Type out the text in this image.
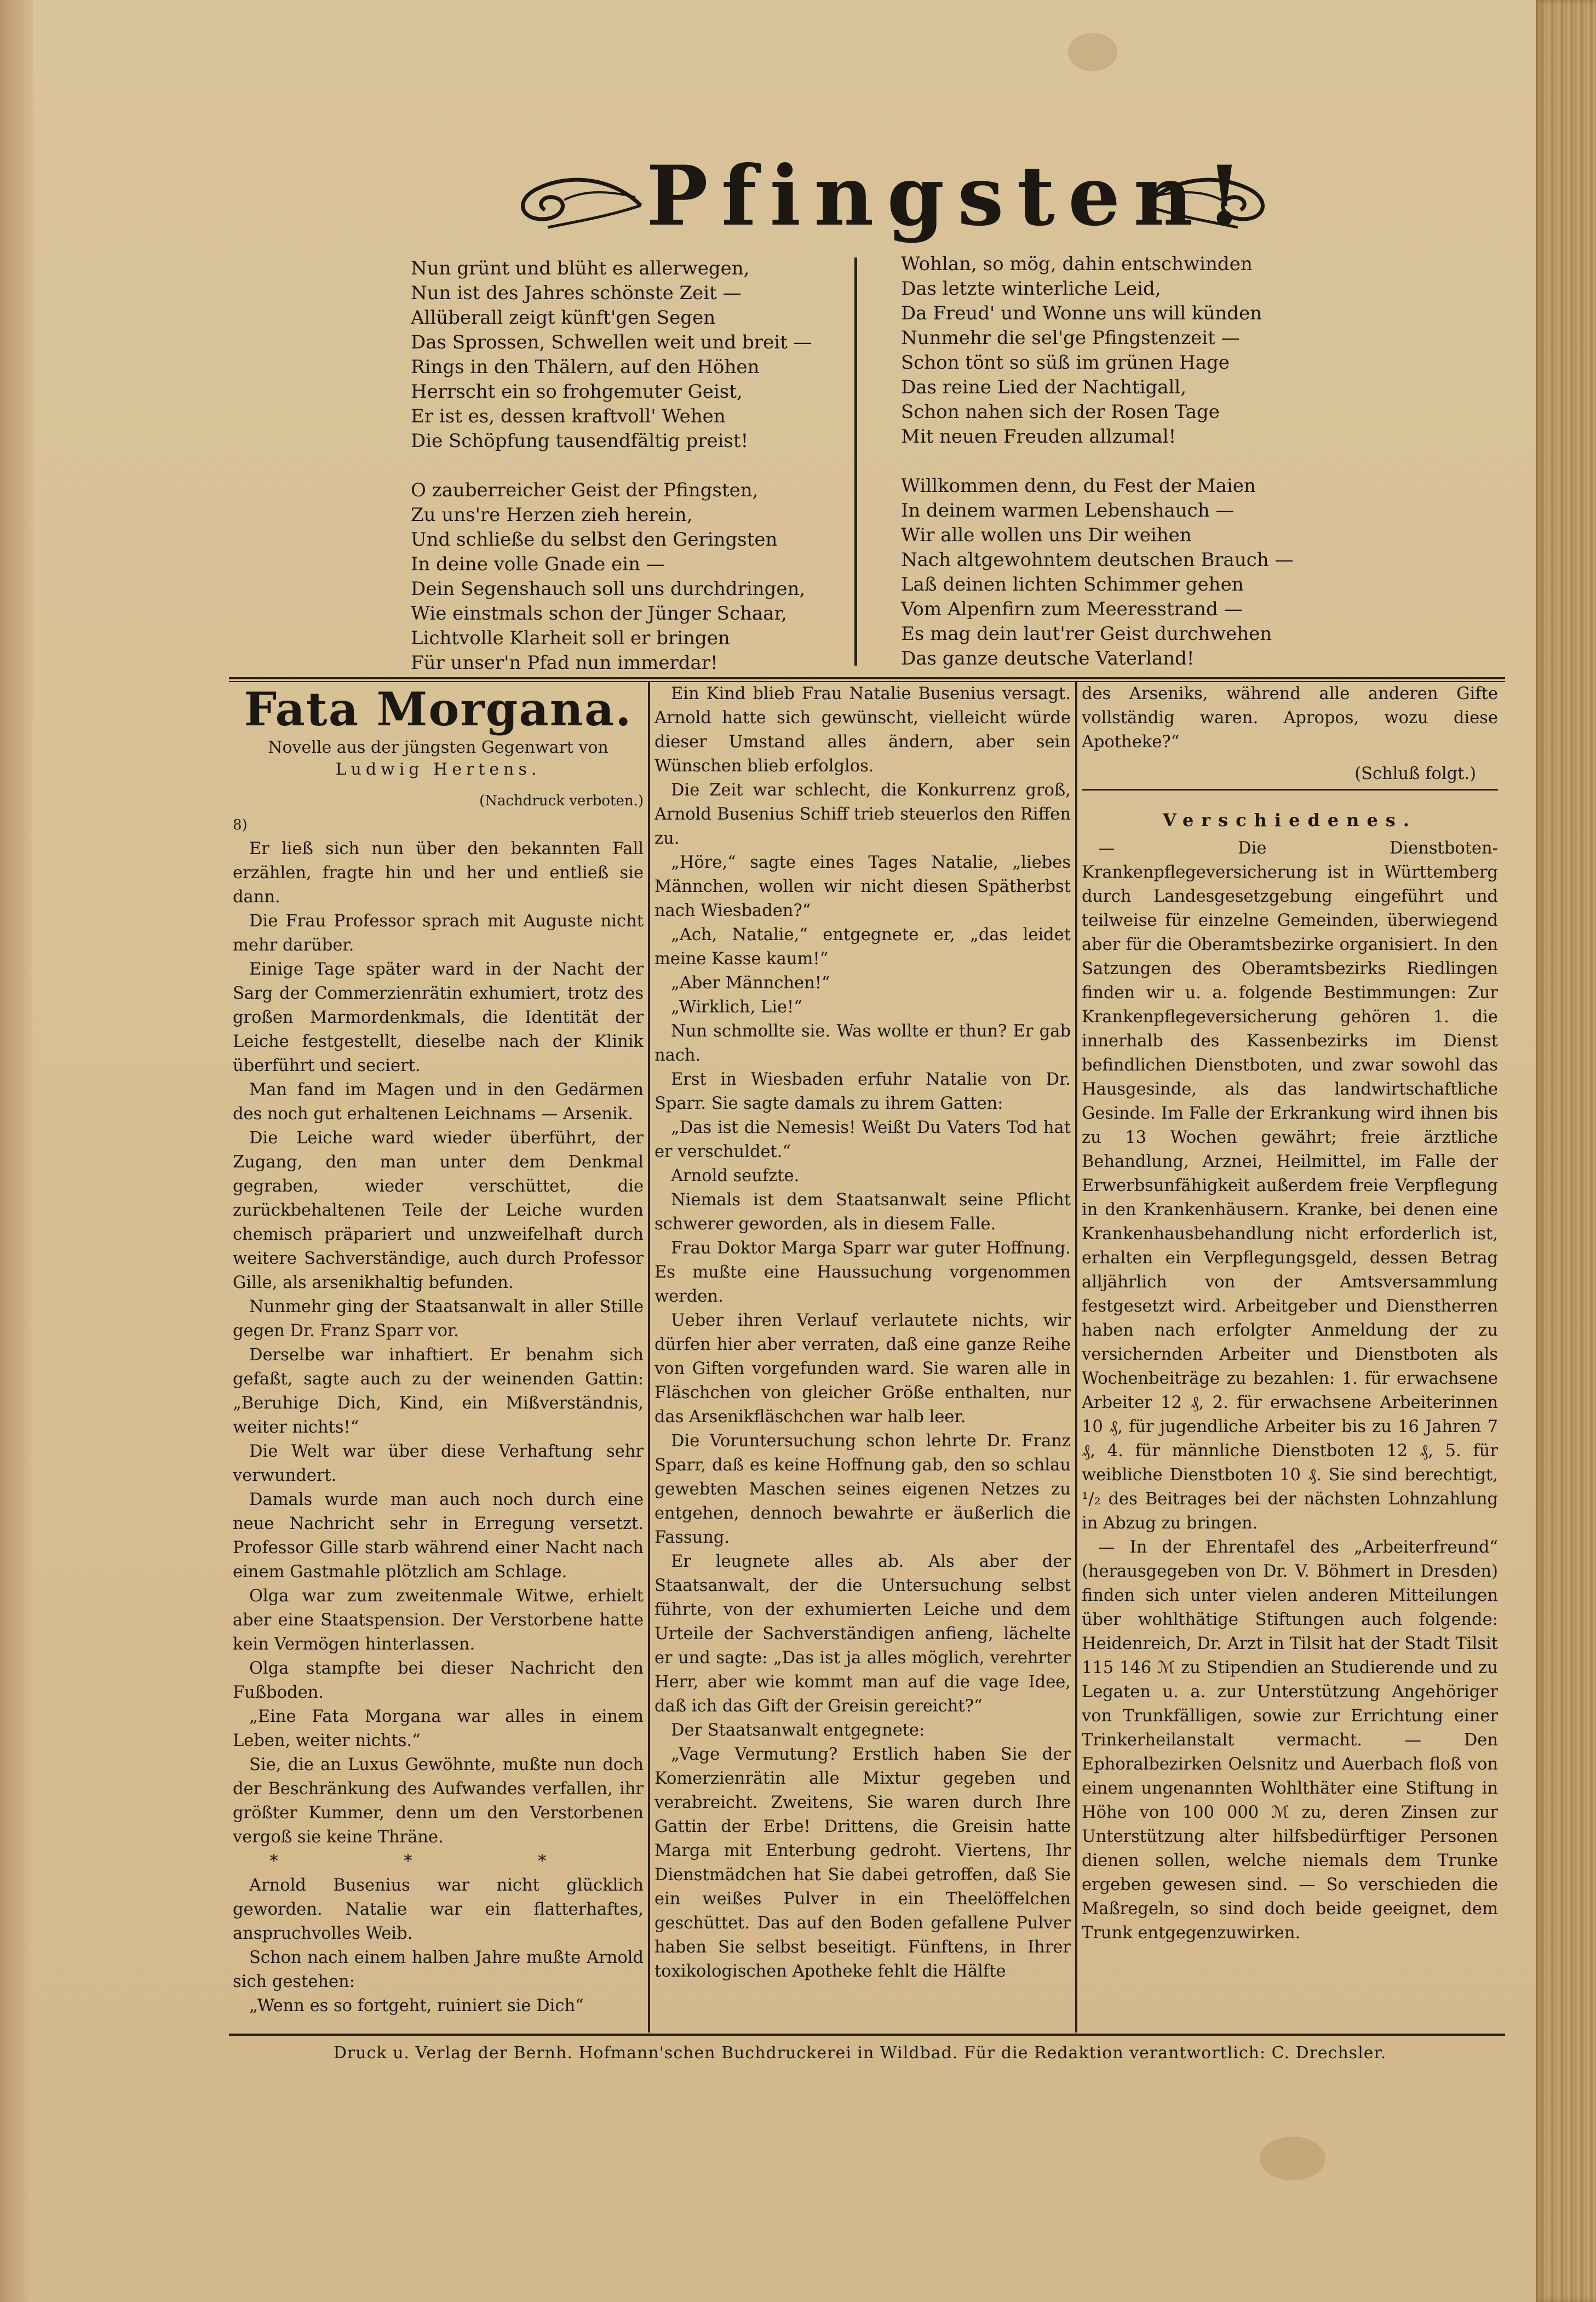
Pfingsten!
Nun grünt und blüht es allerwegen,
Nun ist des Jahres schönste Zeit —
Allüberall zeigt künft'gen Segen
Das Sprossen, Schwellen weit und breit —
Rings in den Thälern, auf den Höhen
Herrscht ein so frohgemuter Geist,
Er ist es, dessen kraftvoll' Wehen
Die Schöpfung tausendfältig preist!
O zauberreicher Geist der Pfingsten,
Zu uns're Herzen zieh herein,
Und schließe du selbst den Geringsten
In deine volle Gnade ein —
Dein Segenshauch soll uns durchdringen,
Wie einstmals schon der Jünger Schaar,
Lichtvolle Klarheit soll er bringen
Für unser'n Pfad nun immerdar!
Wohlan, so mög, dahin entschwinden
Das letzte winterliche Leid,
Da Freud' und Wonne uns will künden
Nunmehr die sel'ge Pfingstenzeit —
Schon tönt so süß im grünen Hage
Das reine Lied der Nachtigall,
Schon nahen sich der Rosen Tage
Mit neuen Freuden allzumal!
Willkommen denn, du Fest der Maien
In deinem warmen Lebenshauch —
Wir alle wollen uns Dir weihen
Nach altgewohntem deutschen Brauch —
Laß deinen lichten Schimmer gehen
Vom Alpenfirn zum Meeresstrand —
Es mag dein laut'rer Geist durchwehen
Das ganze deutsche Vaterland!
Fata Morgana.
Novelle aus der jüngsten Gegenwart von
Ludwig Hertens.

(Nachdruck verboten.)

8)

Er ließ sich nun über den bekannten Fall erzählen, fragte hin und her und entließ sie dann.

Die Frau Professor sprach mit Auguste nicht mehr darüber.

Einige Tage später ward in der Nacht der Sarg der Commerzienrätin exhumiert, trotz des großen Marmordenkmals, die Identität der Leiche festgestellt, dieselbe nach der Klinik überführt und seciert.

Man fand im Magen und in den Gedärmen des noch gut erhaltenen Leichnams — Arsenik.

Die Leiche ward wieder überführt, der Zugang, den man unter dem Denkmal gegraben, wieder verschüttet, die zurückbehaltenen Teile der Leiche wurden chemisch präpariert und unzweifelhaft durch weitere Sachverständige, auch durch Professor Gille, als arsenikhaltig befunden.

Nunmehr ging der Staatsanwalt in aller Stille gegen Dr. Franz Sparr vor.

Derselbe war inhaftiert. Er benahm sich gefaßt, sagte auch zu der weinenden Gattin: „Beruhige Dich, Kind, ein Mißverständnis, weiter nichts!“

Die Welt war über diese Verhaftung sehr verwundert.

Damals wurde man auch noch durch eine neue Nachricht sehr in Erregung versetzt. Professor Gille starb während einer Nacht nach einem Gastmahle plötzlich am Schlage.

Olga war zum zweitenmale Witwe, erhielt aber eine Staatspension. Der Verstorbene hatte kein Vermögen hinterlassen.

Olga stampfte bei dieser Nachricht den Fußboden.

„Eine Fata Morgana war alles in einem Leben, weiter nichts.“

Sie, die an Luxus Gewöhnte, mußte nun doch der Beschränkung des Aufwandes verfallen, ihr größter Kummer, denn um den Verstorbenen vergoß sie keine Thräne.

* * *

Arnold Busenius war nicht glücklich geworden. Natalie war ein flatterhaftes, anspruchvolles Weib.

Schon nach einem halben Jahre mußte Arnold sich gestehen:

„Wenn es so fortgeht, ruiniert sie Dich“

Ein Kind blieb Frau Natalie Busenius versagt. Arnold hatte sich gewünscht, vielleicht würde dieser Umstand alles ändern, aber sein Wünschen blieb erfolglos.

Die Zeit war schlecht, die Konkurrenz groß, Arnold Busenius Schiff trieb steuerlos den Riffen zu.

„Höre,“ sagte eines Tages Natalie, „liebes Männchen, wollen wir nicht diesen Spätherbst nach Wiesbaden?“

„Ach, Natalie,“ entgegnete er, „das leidet meine Kasse kaum!“

„Aber Männchen!“

„Wirklich, Lie!“

Nun schmollte sie. Was wollte er thun? Er gab nach.

Erst in Wiesbaden erfuhr Natalie von Dr. Sparr. Sie sagte damals zu ihrem Gatten:

„Das ist die Nemesis! Weißt Du Vaters Tod hat er verschuldet.“

Arnold seufzte.

Niemals ist dem Staatsanwalt seine Pflicht schwerer geworden, als in diesem Falle.

Frau Doktor Marga Sparr war guter Hoffnung. Es mußte eine Haussuchung vorgenommen werden.

Ueber ihren Verlauf verlautete nichts, wir dürfen hier aber verraten, daß eine ganze Reihe von Giften vorgefunden ward. Sie waren alle in Fläschchen von gleicher Größe enthalten, nur das Arsenikfläschchen war halb leer.

Die Voruntersuchung schon lehrte Dr. Franz Sparr, daß es keine Hoffnung gab, den so schlau gewebten Maschen seines eigenen Netzes zu entgehen, dennoch bewahrte er äußerlich die Fassung.

Er leugnete alles ab. Als aber der Staatsanwalt, der die Untersuchung selbst führte, von der exhumierten Leiche und dem Urteile der Sachverständigen anfieng, lächelte er und sagte: „Das ist ja alles möglich, verehrter Herr, aber wie kommt man auf die vage Idee, daß ich das Gift der Greisin gereicht?“

Der Staatsanwalt entgegnete:

„Vage Vermutung? Erstlich haben Sie der Komerzienrätin alle Mixtur gegeben und verabreicht. Zweitens, Sie waren durch Ihre Gattin der Erbe! Drittens, die Greisin hatte Marga mit Enterbung gedroht. Viertens, Ihr Dienstmädchen hat Sie dabei getroffen, daß Sie ein weißes Pulver in ein Theelöffelchen geschüttet. Das auf den Boden gefallene Pulver haben Sie selbst beseitigt. Fünftens, in Ihrer toxikologischen Apotheke fehlt die Hälfte

des Arseniks, während alle anderen Gifte vollständig waren. Apropos, wozu diese Apotheke?“

(Schluß folgt.)

Verschiedenes.

— Die Dienstboten-Krankenpflegeversicherung ist in Württemberg durch Landesgesetzgebung eingeführt und teilweise für einzelne Gemeinden, überwiegend aber für die Oberamtsbezirke organisiert. In den Satzungen des Oberamtsbezirks Riedlingen finden wir u. a. folgende Bestimmungen: Zur Krankenpflegeversicherung gehören 1. die innerhalb des Kassenbezirks im Dienst befindlichen Dienstboten, und zwar sowohl das Hausgesinde, als das landwirtschaftliche Gesinde. Im Falle der Erkrankung wird ihnen bis zu 13 Wochen gewährt; freie ärztliche Behandlung, Arznei, Heilmittel, im Falle der Erwerbsunfähigkeit außerdem freie Verpflegung in den Krankenhäusern. Kranke, bei denen eine Krankenhausbehandlung nicht erforderlich ist, erhalten ein Verpflegungsgeld, dessen Betrag alljährlich von der Amtsversammlung festgesetzt wird. Arbeitgeber und Dienstherren haben nach erfolgter Anmeldung der zu versichernden Arbeiter und Dienstboten als Wochenbeiträge zu bezahlen: 1. für erwachsene Arbeiter 12 ₰, 2. für erwachsene Arbeiterinnen 10 ₰, für jugendliche Arbeiter bis zu 16 Jahren 7 ₰, 4. für männliche Dienstboten 12 ₰, 5. für weibliche Dienstboten 10 ₰. Sie sind berechtigt, ¹/₂ des Beitrages bei der nächsten Lohnzahlung in Abzug zu bringen.

— In der Ehrentafel des „Arbeiterfreund“ (herausgegeben von Dr. V. Böhmert in Dresden) finden sich unter vielen anderen Mitteilungen über wohlthätige Stiftungen auch folgende: Heidenreich, Dr. Arzt in Tilsit hat der Stadt Tilsit 115 146 ℳ zu Stipendien an Studierende und zu Legaten u. a. zur Unterstützung Angehöriger von Trunkfälligen, sowie zur Errichtung einer Trinkerheilanstalt vermacht. — Den Ephoralbezirken Oelsnitz und Auerbach floß von einem ungenannten Wohlthäter eine Stiftung in Höhe von 100 000 ℳ zu, deren Zinsen zur Unterstützung alter hilfsbedürftiger Personen dienen sollen, welche niemals dem Trunke ergeben gewesen sind. — So verschieden die Maßregeln, so sind doch beide geeignet, dem Trunk entgegenzuwirken.

Druck u. Verlag der Bernh. Hofmann'schen Buchdruckerei in Wildbad. Für die Redaktion verantwortlich: C. Drechsler.
